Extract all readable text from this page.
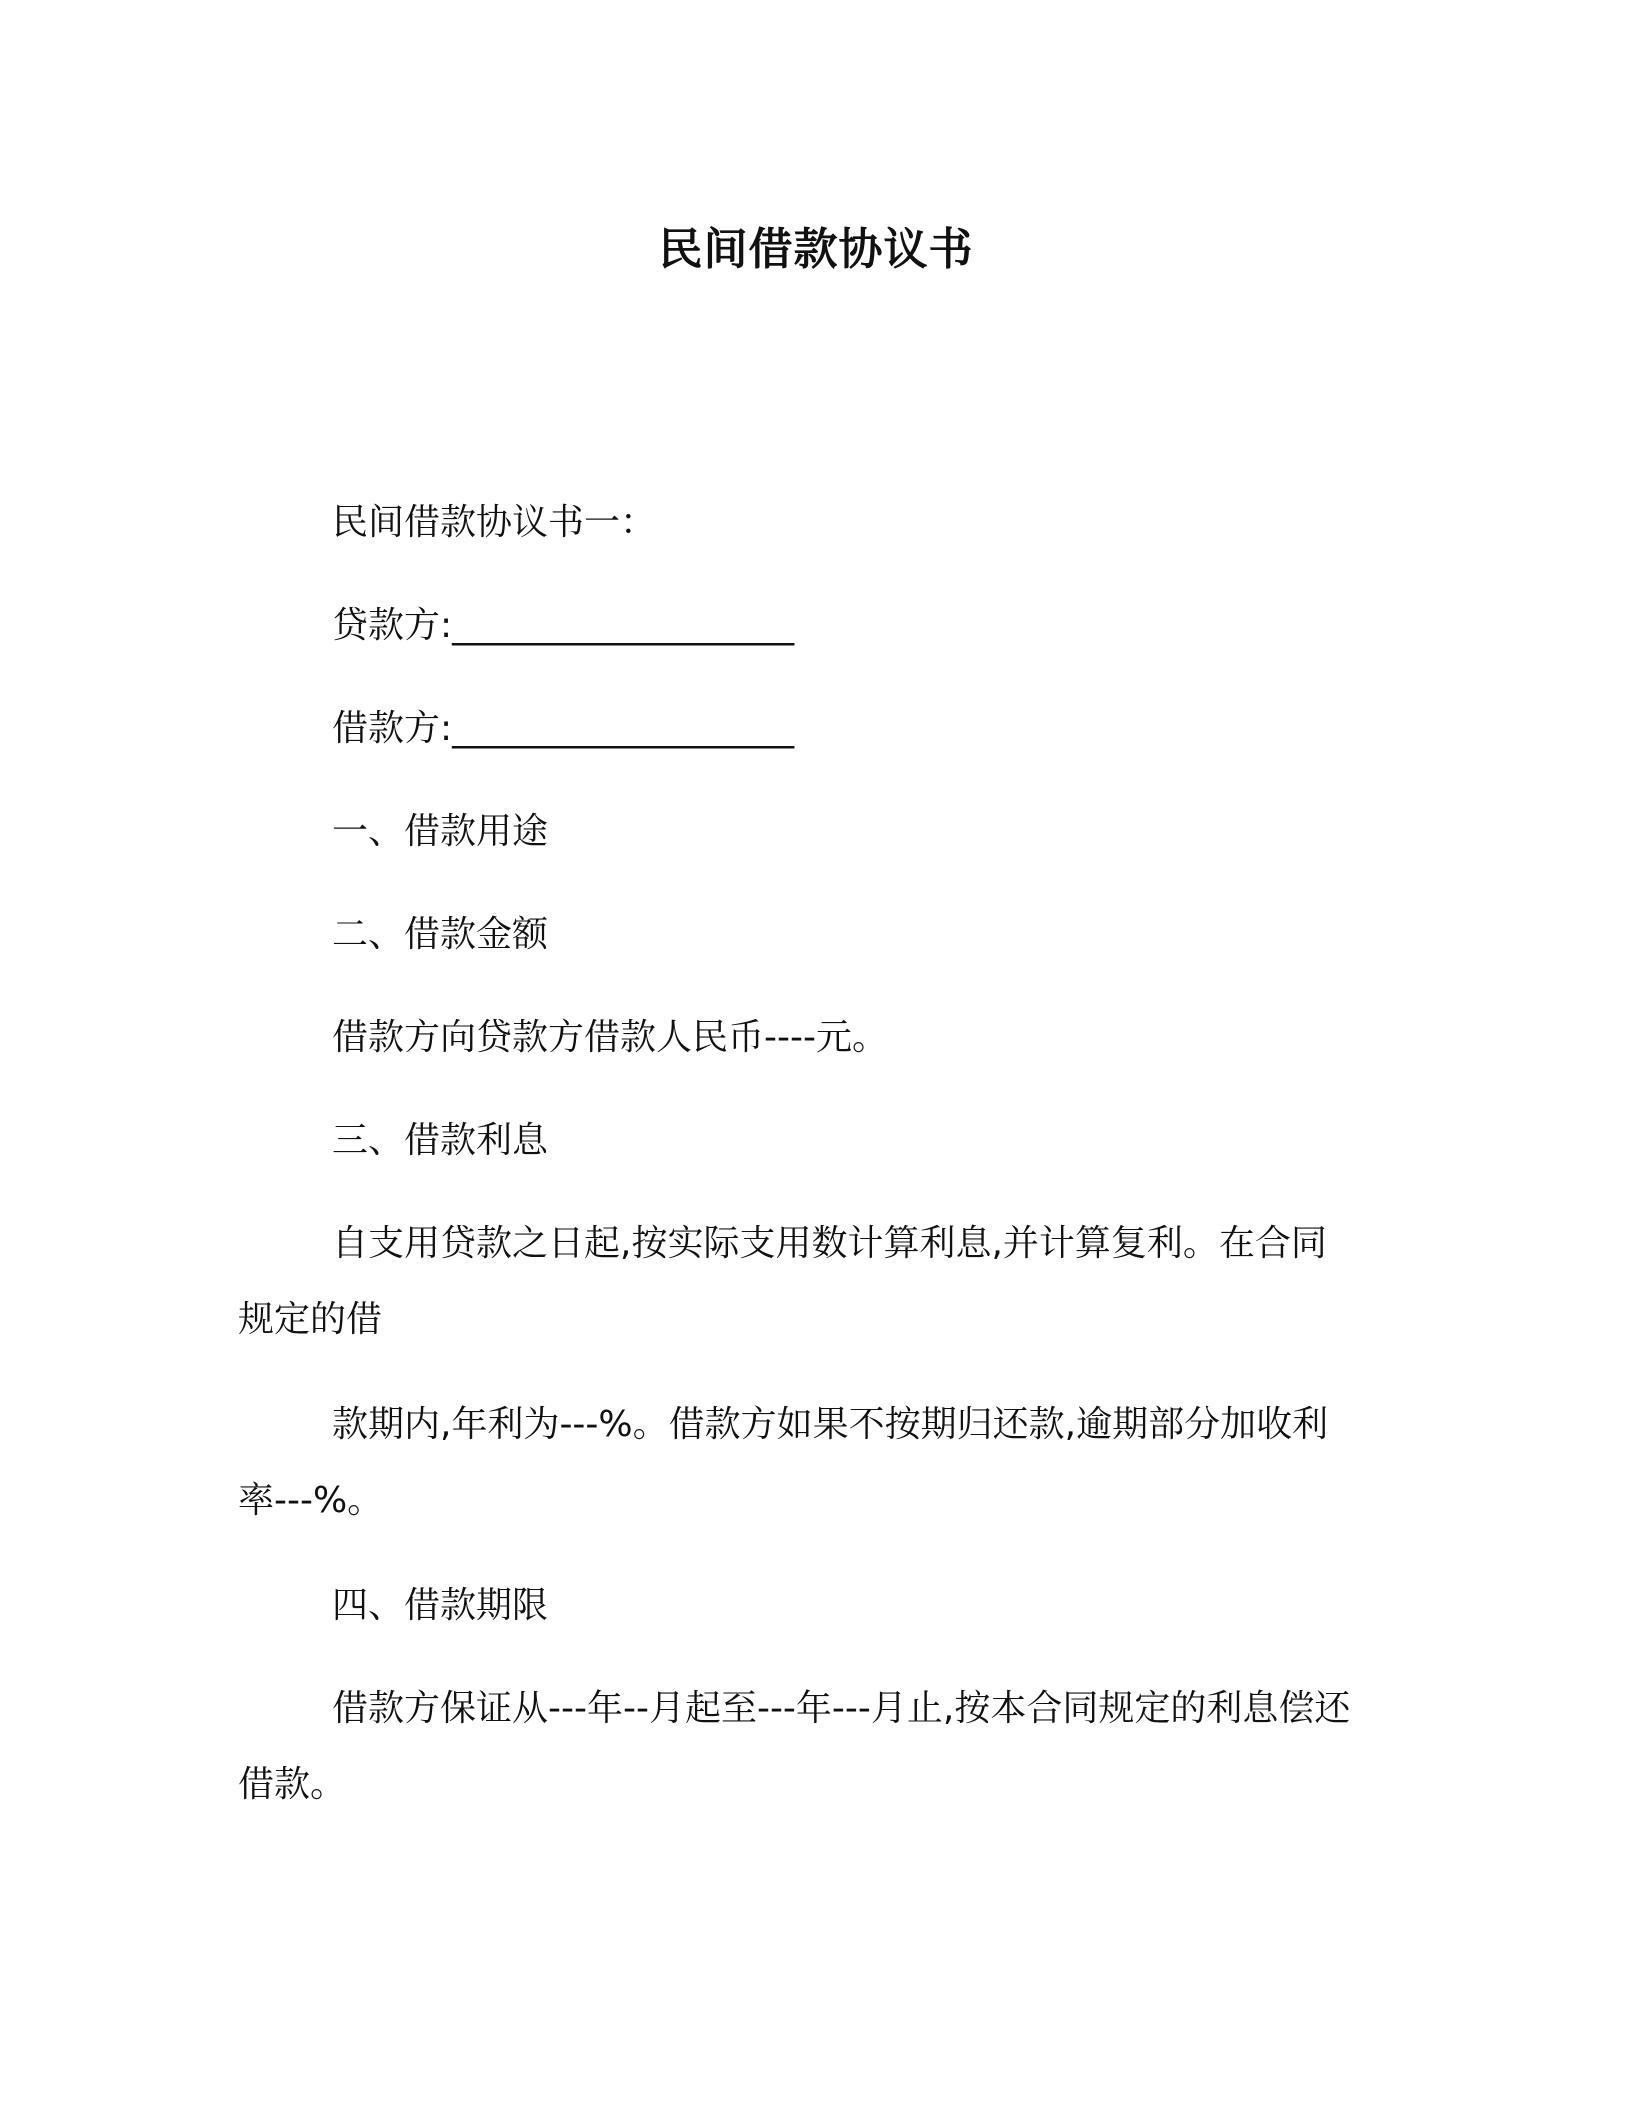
民间借款协议书

民间借款协议书一：

贷款方:___________________

借款方:___________________

一、借款用途

二、借款金额

借款方向贷款方借款人民币----元。

三、借款利息

自支用贷款之日起,按实际支用数计算利息,并计算复利。在合同
规定的借

款期内,年利为---%。借款方如果不按期归还款,逾期部分加收利
率---%。

四、借款期限

借款方保证从---年--月起至---年---月止,按本合同规定的利息偿还
借款。
